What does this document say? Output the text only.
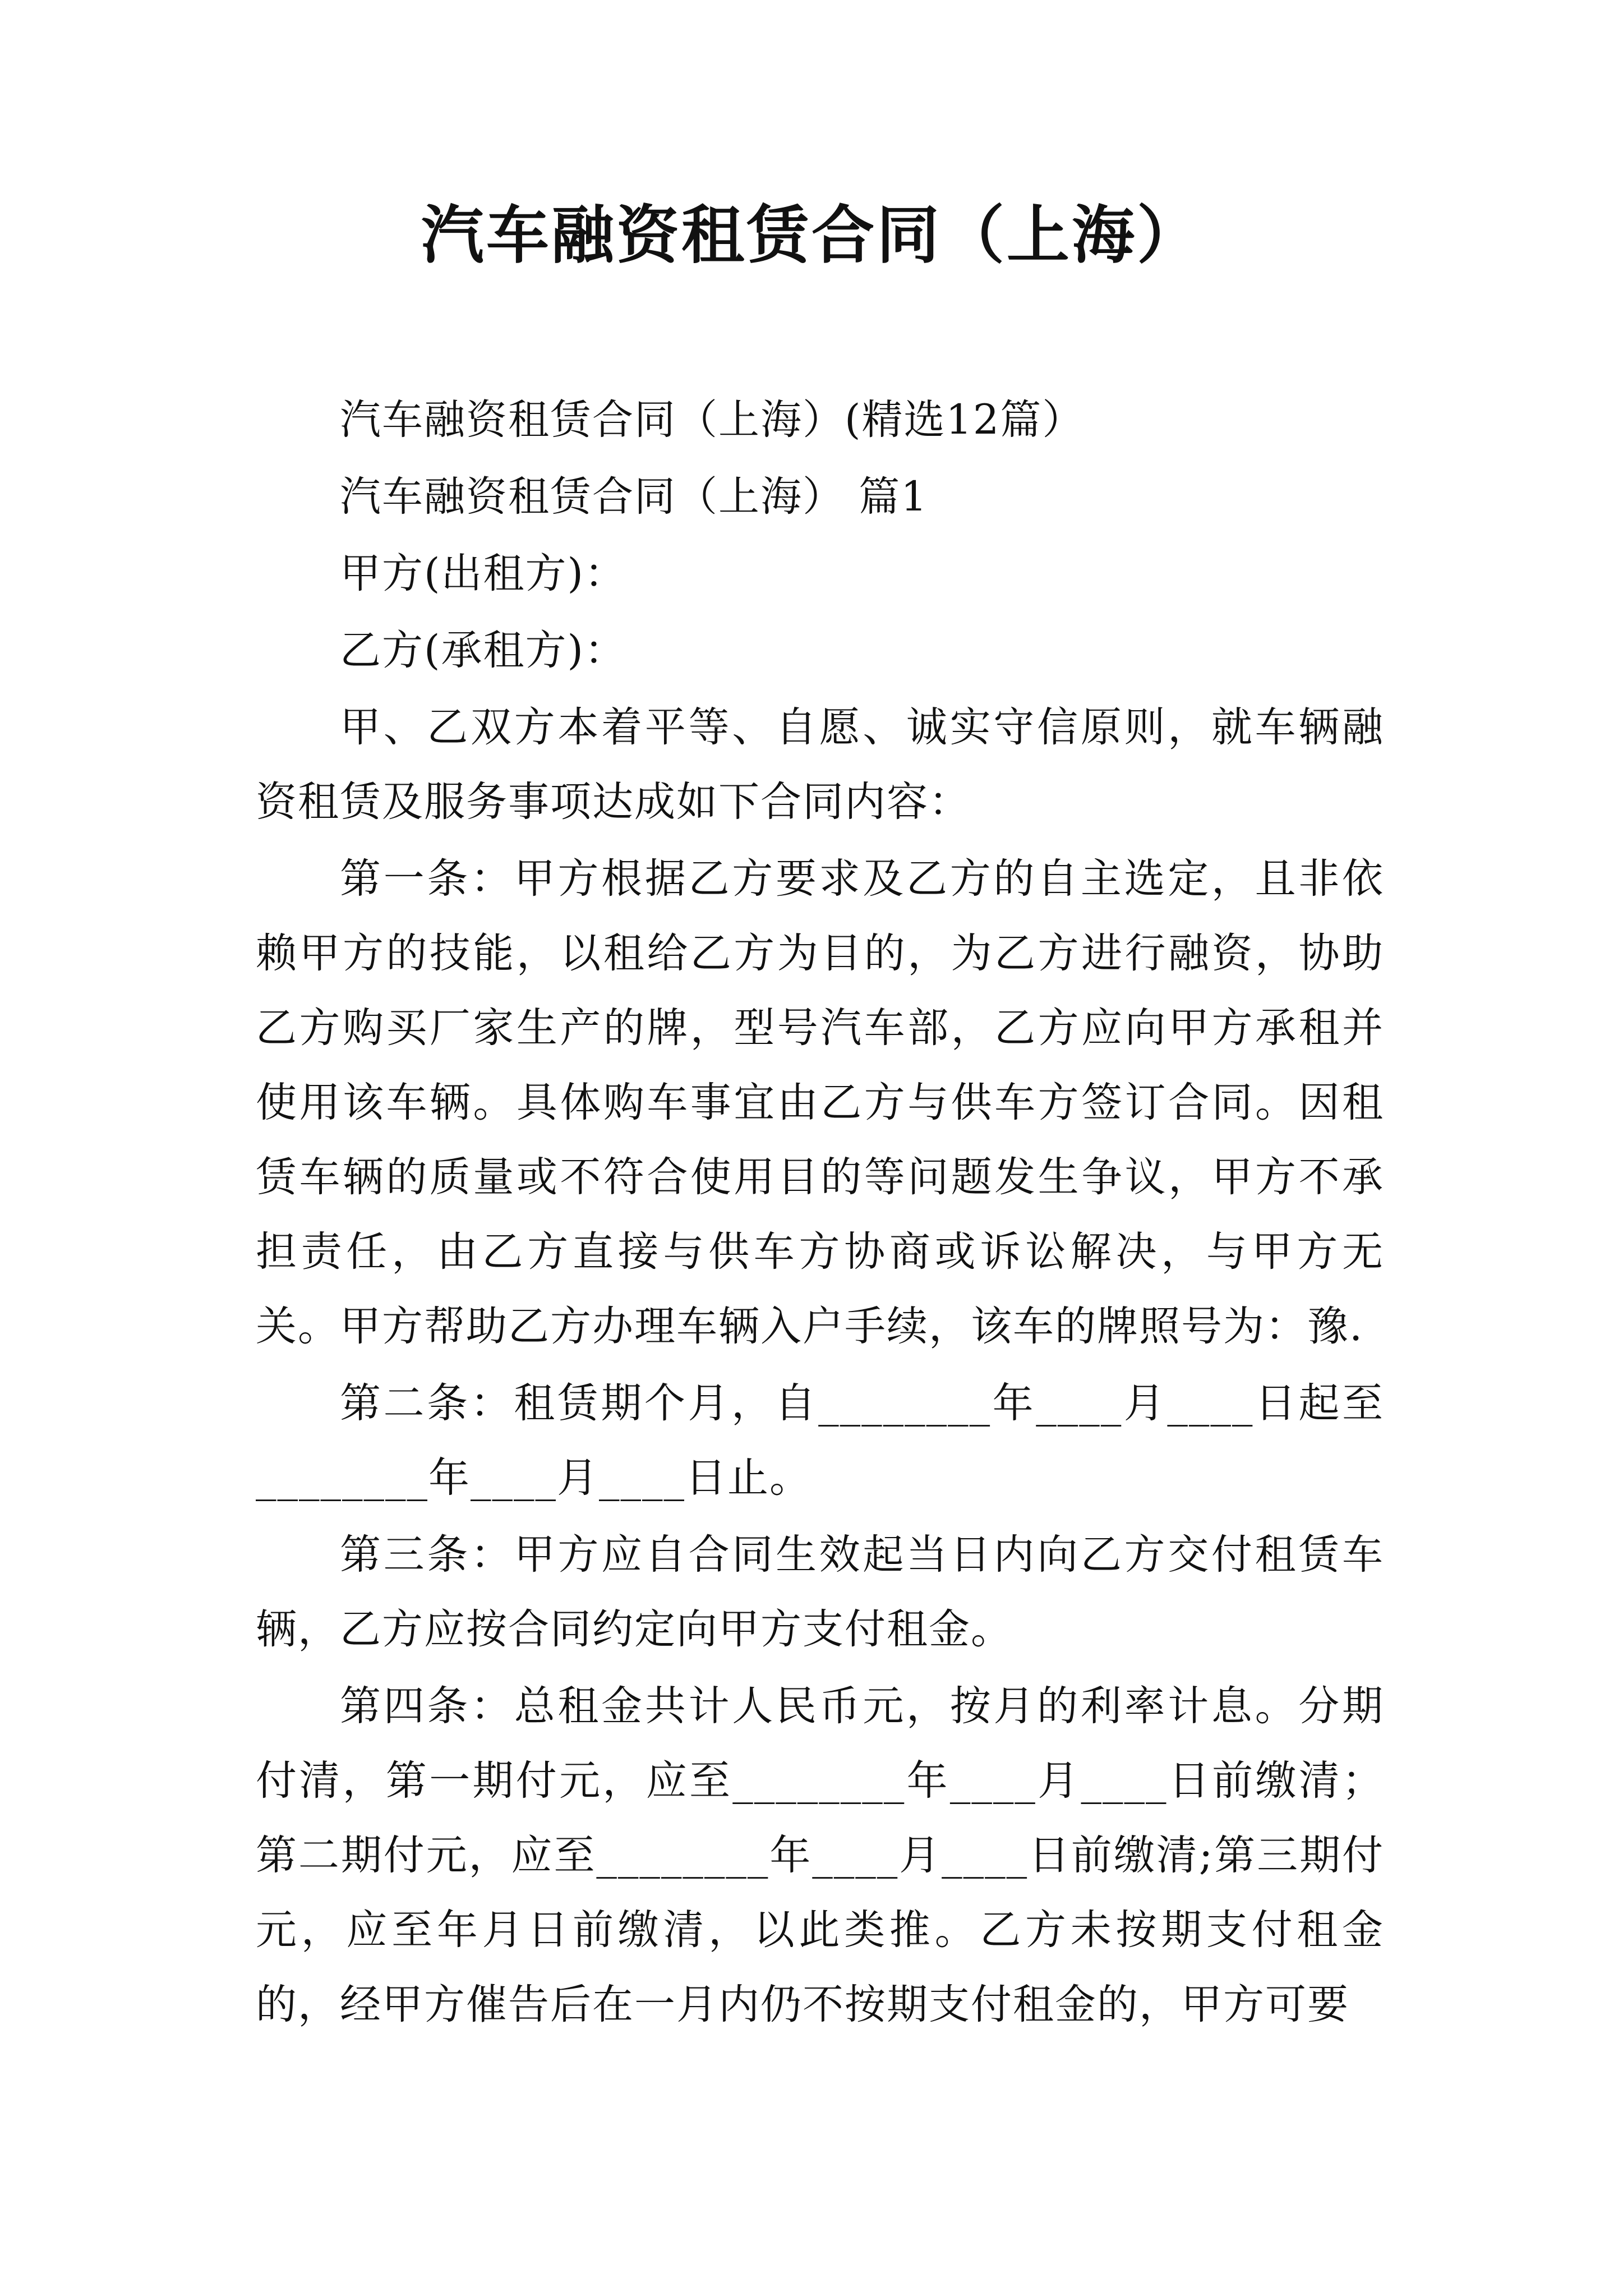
汽车融资租赁合同（上海）

汽车融资租赁合同（上海）(精选12篇）

汽车融资租赁合同（上海） 篇1

甲方(出租方)：

乙方(承租方)：

甲、乙双方本着平等、自愿、诚实守信原则，就车辆融资租赁及服务事项达成如下合同内容：

第一条：甲方根据乙方要求及乙方的自主选定，且非依赖甲方的技能，以租给乙方为目的，为乙方进行融资，协助乙方购买厂家生产的牌，型号汽车部，乙方应向甲方承租并使用该车辆。具体购车事宜由乙方与供车方签订合同。因租赁车辆的质量或不符合使用目的等问题发生争议，甲方不承担责任，由乙方直接与供车方协商或诉讼解决，与甲方无关。甲方帮助乙方办理车辆入户手续，该车的牌照号为：豫.

第二条：租赁期个月，自________年____月____日起至________年____月____日止。

第三条：甲方应自合同生效起当日内向乙方交付租赁车辆，乙方应按合同约定向甲方支付租金。

第四条：总租金共计人民币元，按月的利率计息。分期付清，第一期付元，应至________年____月____日前缴清；第二期付元，应至________年____月____日前缴清;第三期付元，应至年月日前缴清，以此类推。乙方未按期支付租金的，经甲方催告后在一月内仍不按期支付租金的，甲方可要
